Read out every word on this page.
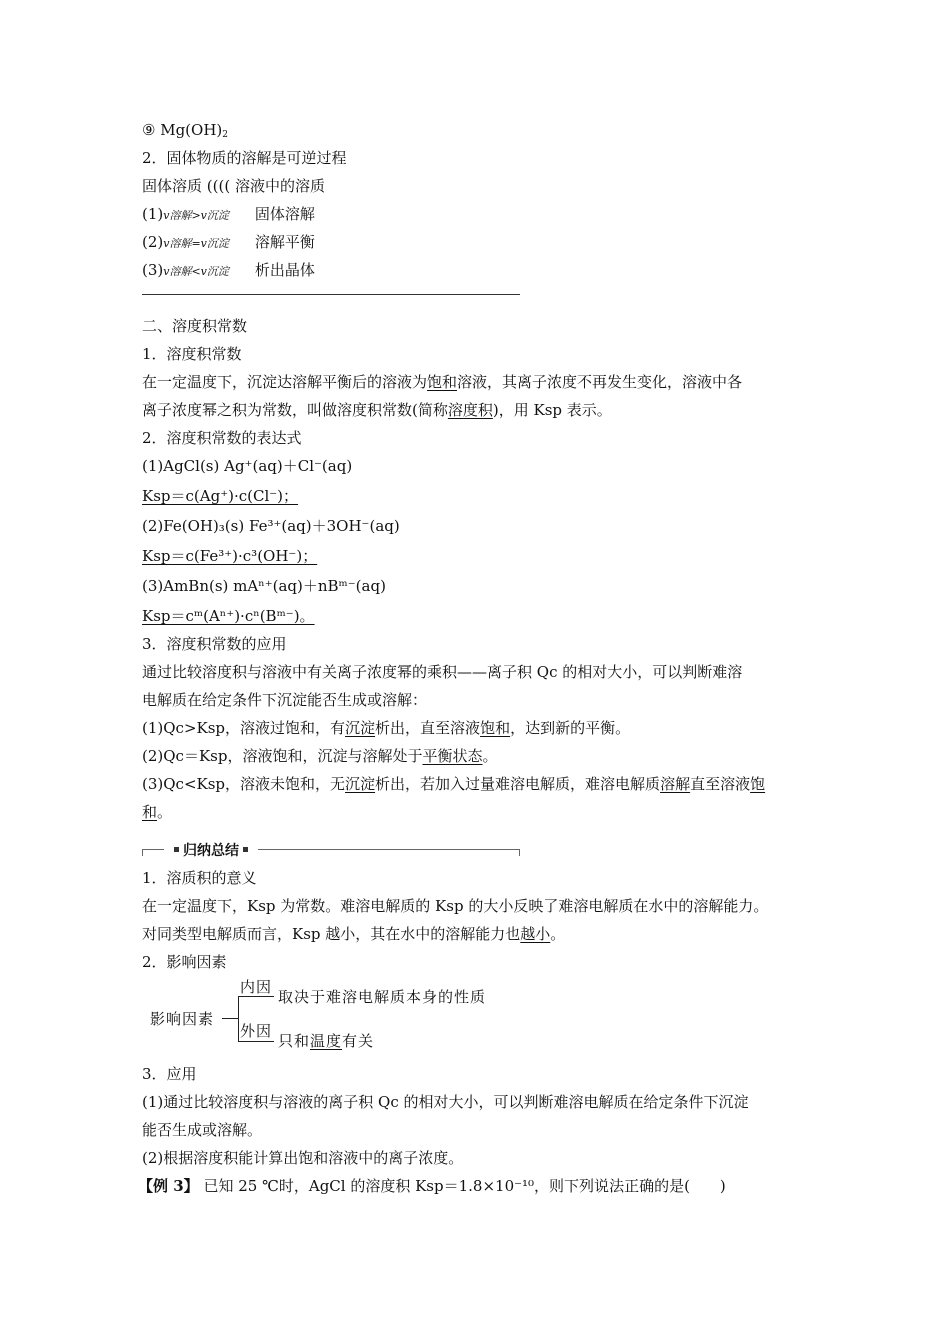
⑨ $Mg(OH)_2$
2．固体物质的溶解是可逆过程
固体溶质 (((( 溶液中的溶质
(1)v溶解>v沉淀 固体溶解
(2)v溶解=v沉淀 溶解平衡
(3)v溶解<v沉淀 析出晶体
二、溶度积常数
1．溶度积常数
在一定温度下，沉淀达溶解平衡后的溶液为饱和溶液，其离子浓度不再发生变化，溶液中各
离子浓度幂之积为常数，叫做溶度积常数(简称溶度积)，用 Ksp 表示。
2．溶度积常数的表达式
(1)AgCl(s) Ag⁺(aq)＋Cl⁻(aq)
Ksp＝c(Ag⁺)·c(Cl⁻)；
(2)Fe(OH)₃(s) Fe³⁺(aq)＋3OH⁻(aq)
Ksp＝c(Fe³⁺)·c³(OH⁻)；
(3)AmBn(s) mAⁿ⁺(aq)＋nBᵐ⁻(aq)
Ksp＝cᵐ(Aⁿ⁺)·cⁿ(Bᵐ⁻)。
3．溶度积常数的应用
通过比较溶度积与溶液中有关离子浓度幂的乘积——离子积 Qc 的相对大小，可以判断难溶
电解质在给定条件下沉淀能否生成或溶解：
(1)Qc>Ksp，溶液过饱和，有沉淀析出，直至溶液饱和，达到新的平衡。
(2)Qc＝Ksp，溶液饱和，沉淀与溶解处于平衡状态。
(3)Qc<Ksp，溶液未饱和，无沉淀析出，若加入过量难溶电解质，难溶电解质溶解直至溶液饱
和。
归纳总结
1．溶质积的意义
在一定温度下，Ksp 为常数。难溶电解质的 Ksp 的大小反映了难溶电解质在水中的溶解能力。
对同类型电解质而言，Ksp 越小，其在水中的溶解能力也越小。
2．影响因素
影响因素
内因
取决于难溶电解质本身的性质
外因
只和温度有关
3．应用
(1)通过比较溶度积与溶液的离子积 Qc 的相对大小，可以判断难溶电解质在给定条件下沉淀
能否生成或溶解。
(2)根据溶度积能计算出饱和溶液中的离子浓度。
【例 3】 已知 25 ℃时，AgCl 的溶度积 Ksp＝1.8×10⁻¹⁰，则下列说法正确的是(　　)
